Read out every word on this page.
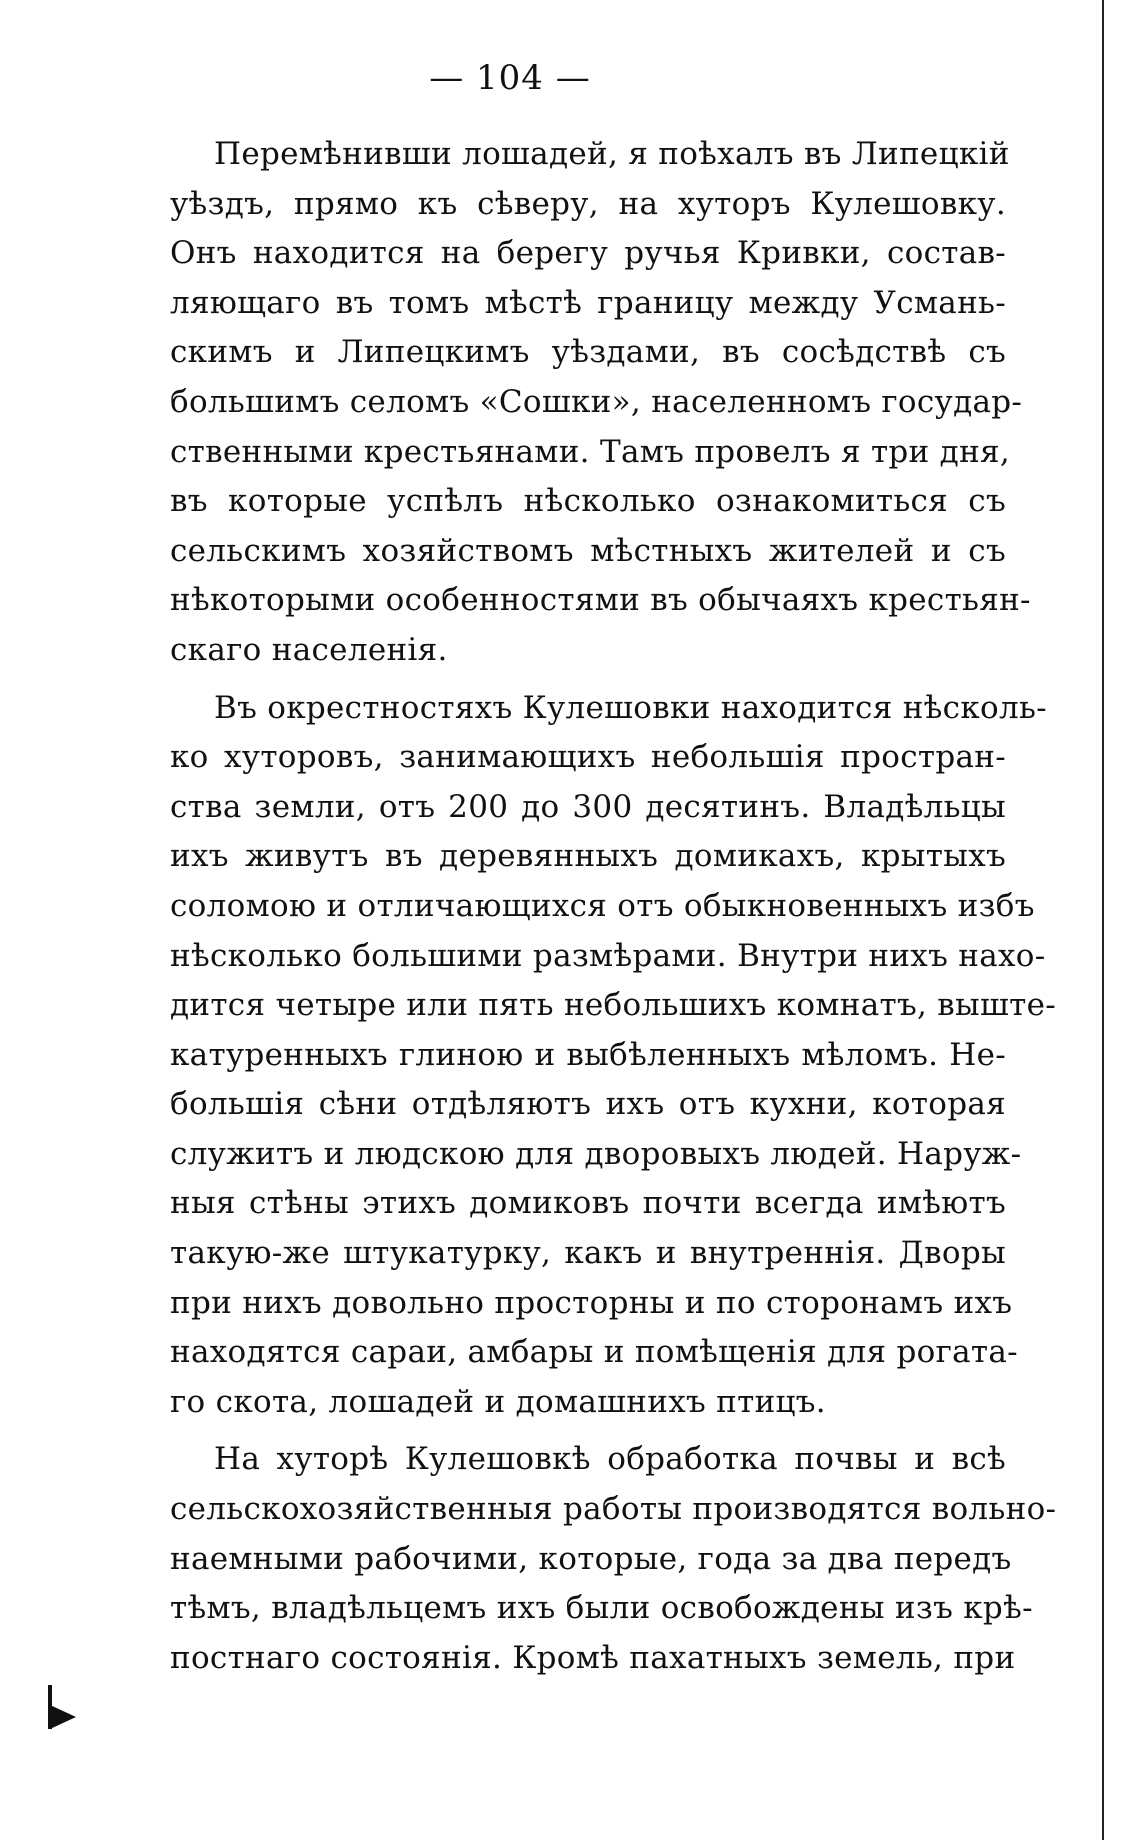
— 104 —
Перемѣнивши лошадей, я поѣхалъ въ Липецкій
уѣздъ, прямо къ сѣверу, на хуторъ Кулешовку.
Онъ находится на берегу ручья Кривки, состав-
ляющаго въ томъ мѣстѣ границу между Усмань-
скимъ и Липецкимъ уѣздами, въ сосѣдствѣ съ
большимъ селомъ «Сошки», населенномъ государ-
ственными крестьянами. Тамъ провелъ я три дня,
въ которые успѣлъ нѣсколько ознакомиться съ
сельскимъ хозяйствомъ мѣстныхъ жителей и съ
нѣкоторыми особенностями въ обычаяхъ крестьян-
скаго населенія.
Въ окрестностяхъ Кулешовки находится нѣсколь-
ко хуторовъ, занимающихъ небольшія простран-
ства земли, отъ 200 до 300 десятинъ. Владѣльцы
ихъ живутъ въ деревянныхъ домикахъ, крытыхъ
соломою и отличающихся отъ обыкновенныхъ избъ
нѣсколько большими размѣрами. Внутри нихъ нахо-
дится четыре или пять небольшихъ комнатъ, выште-
катуренныхъ глиною и выбѣленныхъ мѣломъ. Не-
большія сѣни отдѣляютъ ихъ отъ кухни, которая
служитъ и людскою для дворовыхъ людей. Наруж-
ныя стѣны этихъ домиковъ почти всегда имѣютъ
такую-же штукатурку, какъ и внутреннія. Дворы
при нихъ довольно просторны и по сторонамъ ихъ
находятся сараи, амбары и помѣщенія для рогата-
го скота, лошадей и домашнихъ птицъ.
На хуторѣ Кулешовкѣ обработка почвы и всѣ
сельскохозяйственныя работы производятся вольно-
наемными рабочими, которые, года за два передъ
тѣмъ, владѣльцемъ ихъ были освобождены изъ крѣ-
постнаго состоянія. Кромѣ пахатныхъ земель, при
